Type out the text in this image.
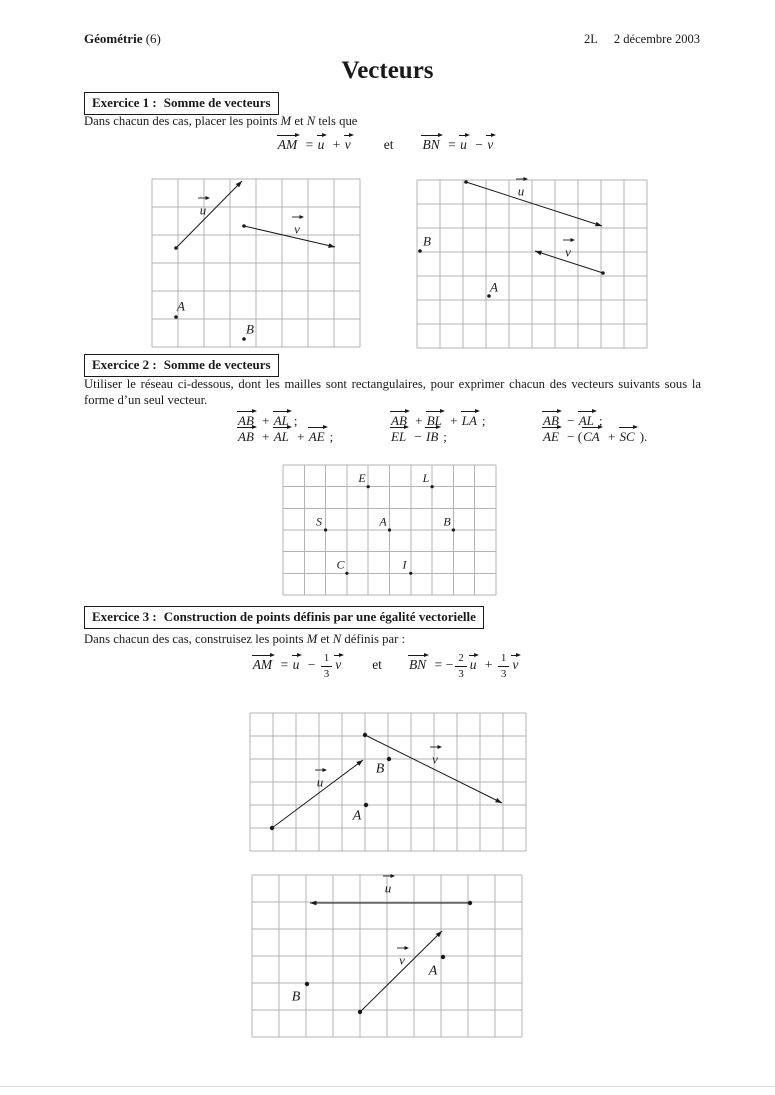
Géométrie (6)	2L 2 décembre 2003
Vecteurs
Exercice 1 : Somme de vecteurs
Dans chacun des cas, placer les points M et N tels que
AM = u + v et BN = u − v
u
v
A
B
u
v
B
A
Exercice 2 : Somme de vecteurs
Utiliser le réseau ci-dessous, dont les mailles sont rectangulaires, pour exprimer chacun des vecteurs suivants sous la forme d’un seul vecteur.
AB + AL ;	AB + BL + LA ;	AB − AL ;
AB + AL + AE ;	EL − IB ;	AE − (CA + SC ).
E	L
S	A	B
C	I
Exercice 3 : Construction de points définis par une égalité vectorielle
Dans chacun des cas, construisez les points M et N définis par :
AM = $u - \frac{1}{3}$ v et BN = − $\frac{2}{3}$ $u + \frac{1}{3}$ v
u
v
B
A
u
v
A
B
